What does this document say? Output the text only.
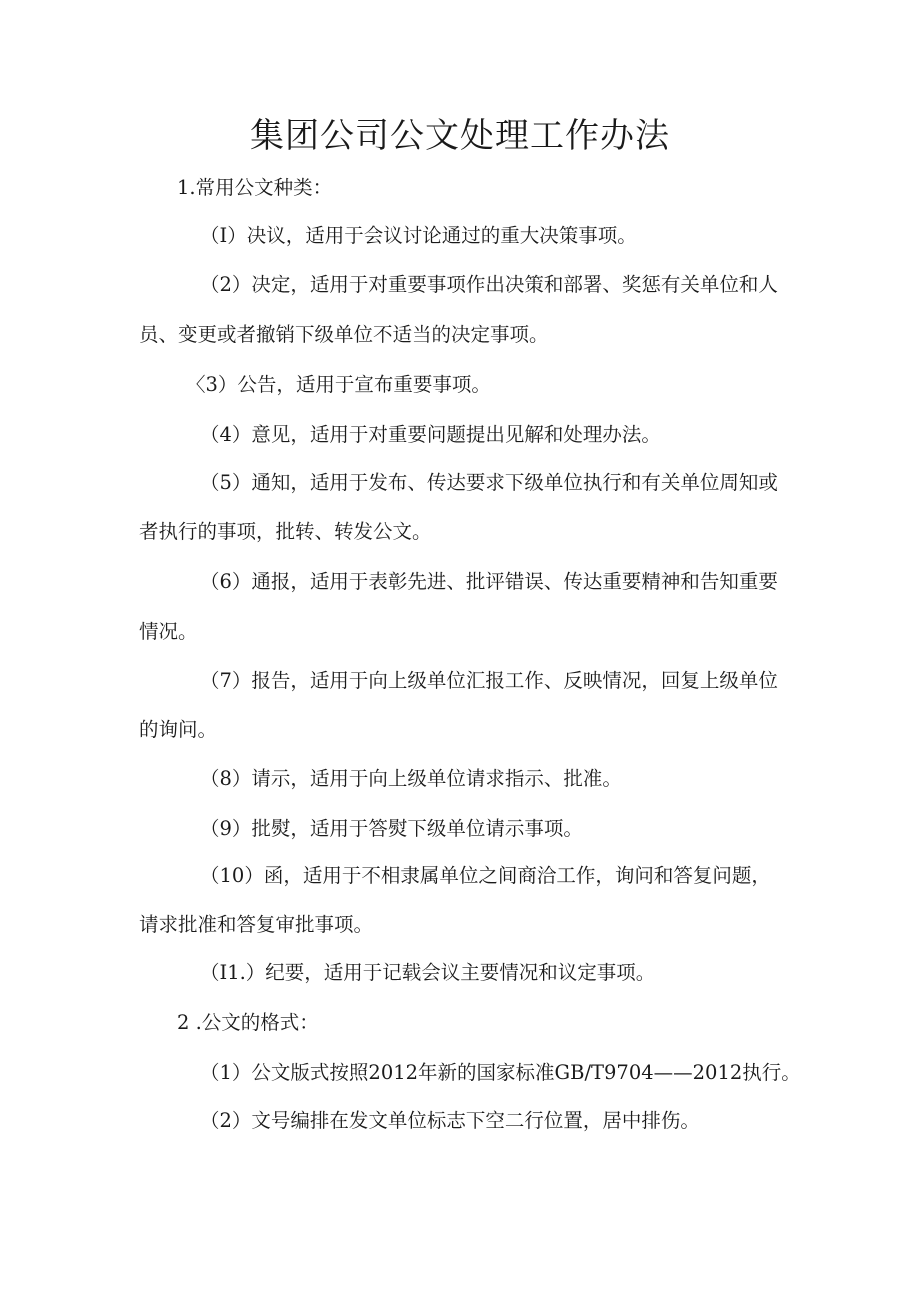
集团公司公文处理工作办法

1.常用公文种类：

（I）决议，适用于会议讨论通过的重大决策事项。

（2）决定，适用于对重要事项作出决策和部署、奖惩有关单位和人

员、变更或者撤销下级单位不适当的决定事项。

〈3）公告，适用于宣布重要事项。

（4）意见，适用于对重要问题提出见解和处理办法。

（5）通知，适用于发布、传达要求下级单位执行和有关单位周知或

者执行的事项，批转、转发公文。

（6）通报，适用于表彰先进、批评错误、传达重要精神和告知重要

情况。

（7）报告，适用于向上级单位汇报工作、反映情况，回复上级单位

的询问。

（8）请示，适用于向上级单位请求指示、批准。

（9）批熨，适用于答熨下级单位请示事项。

（10）函，适用于不相隶属单位之间商洽工作，询问和答复问题，

请求批准和答复审批事项。

（I1.）纪要，适用于记载会议主要情况和议定事项。

2 .公文的格式：

（1）公文版式按照2012年新的国家标准GB/T9704——2012执行。

（2）文号编排在发文单位标志下空二行位置，居中排伤。
